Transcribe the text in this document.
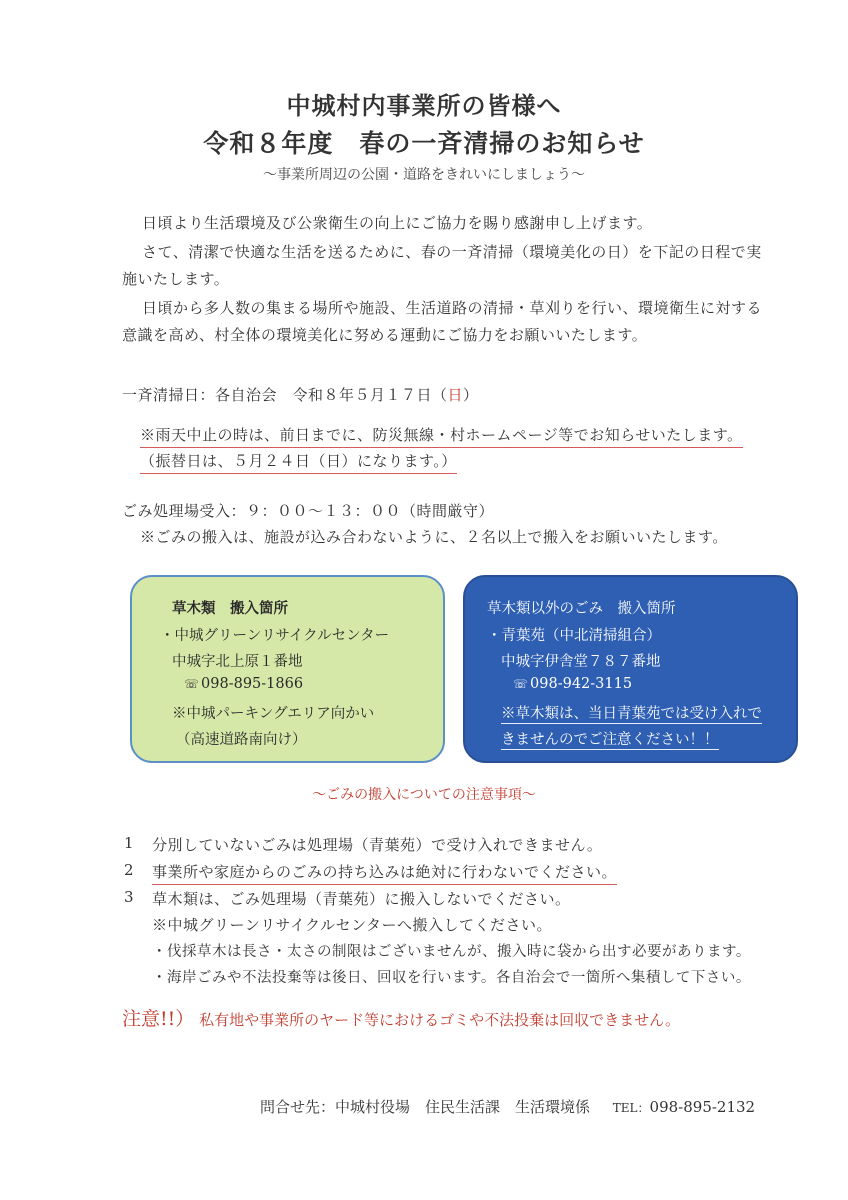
中城村内事業所の皆様へ
令和８年度　春の一斉清掃のお知らせ
～事業所周辺の公園・道路をきれいにしましょう～
日頃より生活環境及び公衆衛生の向上にご協力を賜り感謝申し上げます。
さて、清潔で快適な生活を送るために、春の一斉清掃（環境美化の日）を下記の日程で実
施いたします。
日頃から多人数の集まる場所や施設、生活道路の清掃・草刈りを行い、環境衛生に対する
意識を高め、村全体の環境美化に努める運動にご協力をお願いいたします。
一斉清掃日：各自治会　令和８年５月１７日（日）
※雨天中止の時は、前日までに、防災無線・村ホームページ等でお知らせいたします。
（振替日は、５月２４日（日）になります。）
ごみ処理場受入：９：００～１３：００（時間厳守）
※ごみの搬入は、施設が込み合わないように、２名以上で搬入をお願いいたします。
草木類　搬入箇所
・中城グリーンリサイクルセンター
中城字北上原１番地
☏ 098-895-1866
※中城パーキングエリア向かい
（高速道路南向け）
草木類以外のごみ　搬入箇所
・青葉苑（中北清掃組合）
中城字伊舎堂７８７番地
☏ 098-942-3115
※草木類は、当日青葉苑では受け入れで
きませんのでご注意ください！！
～ごみの搬入についての注意事項～
1 分別していないごみは処理場（青葉苑）で受け入れできません。
2 事業所や家庭からのごみの持ち込みは絶対に行わないでください。
3 草木類は、ごみ処理場（青葉苑）に搬入しないでください。
※中城グリーンリサイクルセンターへ搬入してください。
・伐採草木は長さ・太さの制限はございませんが、搬入時に袋から出す必要があります。
・海岸ごみや不法投棄等は後日、回収を行います。各自治会で一箇所へ集積して下さい。
注意!!） 私有地や事業所のヤード等におけるゴミや不法投棄は回収できません。
問合せ先：中城村役場　住民生活課　生活環境係 TEL：098-895-2132
